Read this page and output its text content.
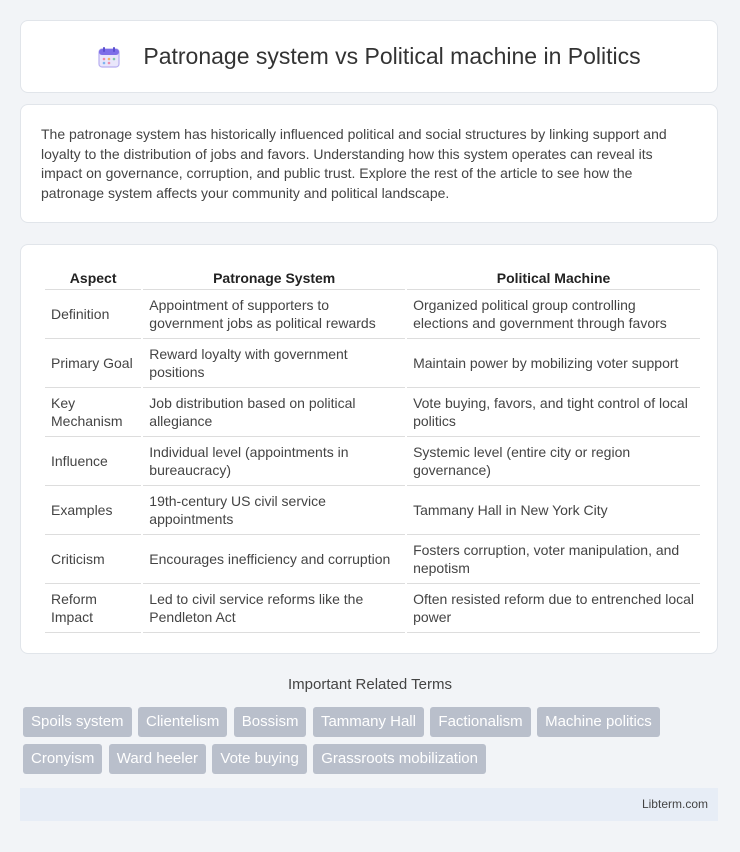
Patronage system vs Political machine in Politics

The patronage system has historically influenced political and social structures by linking support and loyalty to the distribution of jobs and favors. Understanding how this system operates can reveal its impact on governance, corruption, and public trust. Explore the rest of the article to see how the patronage system affects your community and political landscape.

Aspect	Patronage System	Political Machine
Definition	Appointment of supporters to government jobs as political rewards	Organized political group controlling elections and government through favors
Primary Goal	Reward loyalty with government positions	Maintain power by mobilizing voter support
Key Mechanism	Job distribution based on political allegiance	Vote buying, favors, and tight control of local politics
Influence	Individual level (appointments in bureaucracy)	Systemic level (entire city or region governance)
Examples	19th-century US civil service appointments	Tammany Hall in New York City
Criticism	Encourages inefficiency and corruption	Fosters corruption, voter manipulation, and nepotism
Reform Impact	Led to civil service reforms like the Pendleton Act	Often resisted reform due to entrenched local power
Important Related Terms
Spoils system Clientelism Bossism Tammany Hall Factionalism Machine politics
Cronyism Ward heeler Vote buying Grassroots mobilization
Libterm.com
